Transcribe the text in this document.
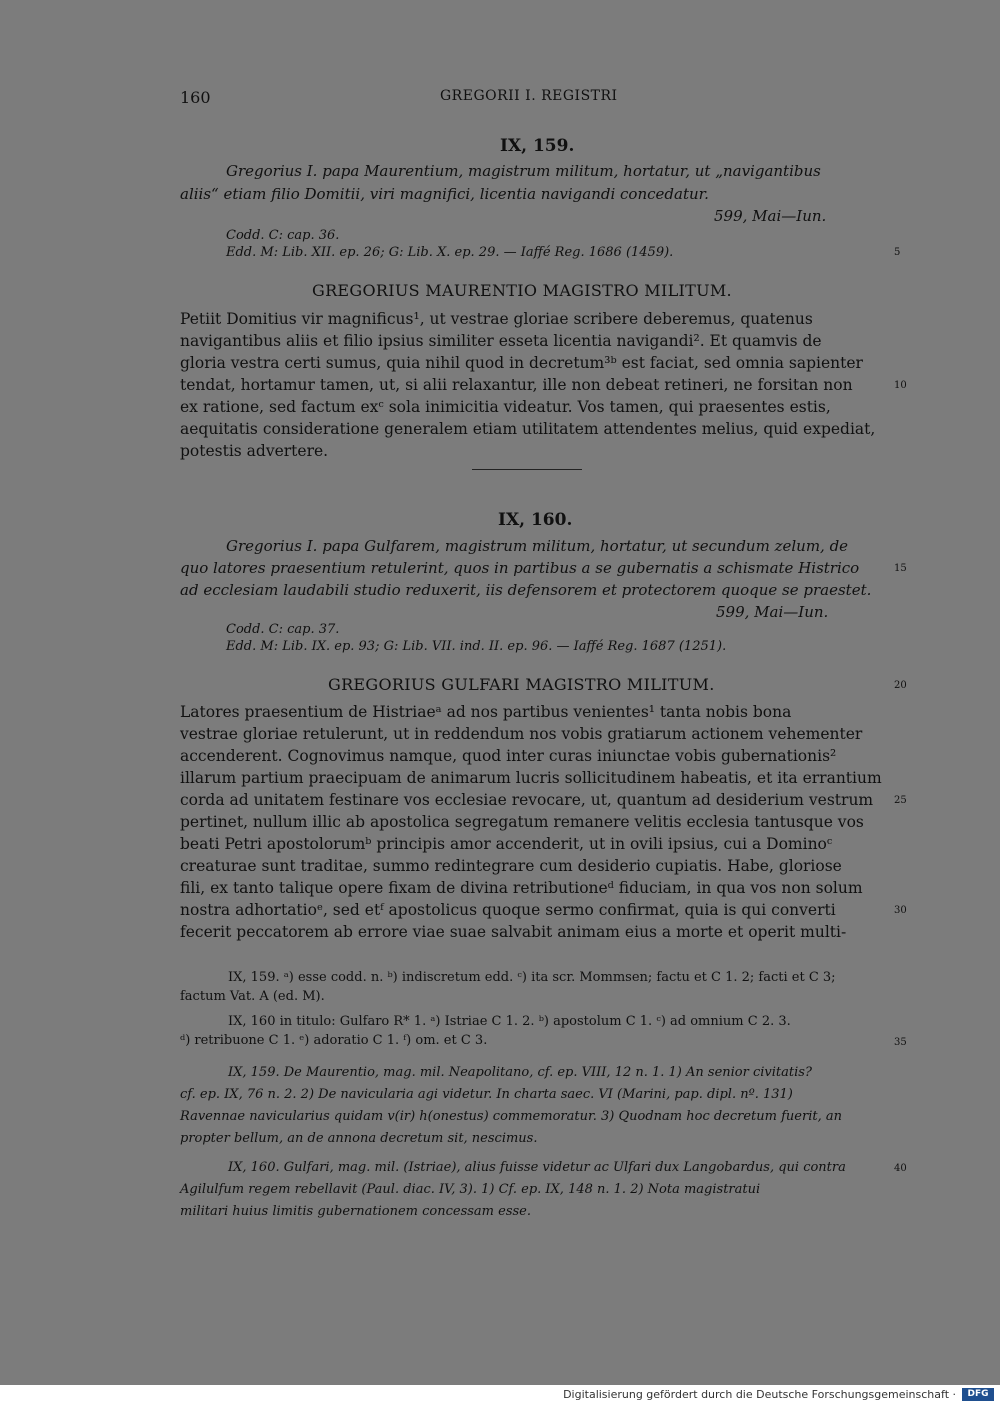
160	GREGORII I. REGISTRI
IX, 159.
Gregorius I. papa Maurentium, magistrum militum, hortatur, ut „navigantibus
aliis“ etiam filio Domitii, viri magnifici, licentia navigandi concedatur.
599, Mai—Iun.
Codd. C: cap. 36.
Edd. M: Lib. XII. ep. 26; G: Lib. X. ep. 29. — Iaffé Reg. 1686 (1459).	5
GREGORIUS MAURENTIO MAGISTRO MILITUM.
Petiit Domitius vir magnificus¹, ut vestrae gloriae scribere deberemus, quatenus
navigantibus aliis et filio ipsius similiter esseta licentia navigandi². Et quamvis de
gloria vestra certi sumus, quia nihil quod in decretum³ᵇ est faciat, sed omnia sapienter
tendat, hortamur tamen, ut, si alii relaxantur, ille non debeat retineri, ne forsitan non	10
ex ratione, sed factum exᶜ sola inimicitia videatur. Vos tamen, qui praesentes estis,
aequitatis consideratione generalem etiam utilitatem attendentes melius, quid expediat,
potestis advertere.
IX, 160.
Gregorius I. papa Gulfarem, magistrum militum, hortatur, ut secundum zelum, de
quo latores praesentium retulerint, quos in partibus a se gubernatis a schismate Histrico	15
ad ecclesiam laudabili studio reduxerit, iis defensorem et protectorem quoque se praestet.
599, Mai—Iun.
Codd. C: cap. 37.
Edd. M: Lib. IX. ep. 93; G: Lib. VII. ind. II. ep. 96. — Iaffé Reg. 1687 (1251).
GREGORIUS GULFARI MAGISTRO MILITUM.	20
Latores praesentium de Histriaeᵃ ad nos partibus venientes¹ tanta nobis bona
vestrae gloriae retulerunt, ut in reddendum nos vobis gratiarum actionem vehementer
accenderent. Cognovimus namque, quod inter curas iniunctae vobis gubernationis²
illarum partium praecipuam de animarum lucris sollicitudinem habeatis, et ita errantium
corda ad unitatem festinare vos ecclesiae revocare, ut, quantum ad desiderium vestrum 25
pertinet, nullum illic ab apostolica segregatum remanere velitis ecclesia tantusque vos
beati Petri apostolorumᵇ principis amor accenderit, ut in ovili ipsius, cui a Dominoᶜ
creaturae sunt traditae, summo redintegrare cum desiderio cupiatis. Habe, gloriose
fili, ex tanto talique opere fixam de divina retributioneᵈ fiduciam, in qua vos non solum
nostra adhortatioᵉ, sed etᶠ apostolicus quoque sermo confirmat, quia is qui converti	30
fecerit peccatorem ab errore viae suae salvabit animam eius a morte et operit multi-
IX, 159. ᵃ) esse codd. n. ᵇ) indiscretum edd. ᶜ) ita scr. Mommsen; factu et C 1. 2; facti et C 3;
factum Vat. A (ed. M).
IX, 160 in titulo: Gulfaro R* 1. ᵃ) Istriae C 1. 2. ᵇ) apostolum C 1. ᶜ) ad omnium C 2. 3.
ᵈ) retribuone C 1. ᵉ) adoratio C 1. ᶠ) om. et C 3.	35
IX, 159. De Maurentio, mag. mil. Neapolitano, cf. ep. VIII, 12 n. 1. 1) An senior civitatis?
cf. ep. IX, 76 n. 2. 2) De navicularia agi videtur. In charta saec. VI (Marini, pap. dipl. nº. 131)
Ravennae navicularius quidam v(ir) h(onestus) commemoratur. 3) Quodnam hoc decretum fuerit, an
propter bellum, an de annona decretum sit, nescimus.
IX, 160. Gulfari, mag. mil. (Istriae), alius fuisse videtur ac Ulfari dux Langobardus, qui contra	40
Agilulfum regem rebellavit (Paul. diac. IV, 3). 1) Cf. ep. IX, 148 n. 1. 2) Nota magistratui
militari huius limitis gubernationem concessam esse.
Digitalisierung gefördert durch die Deutsche Forschungsgemeinschaft ·	DFG
